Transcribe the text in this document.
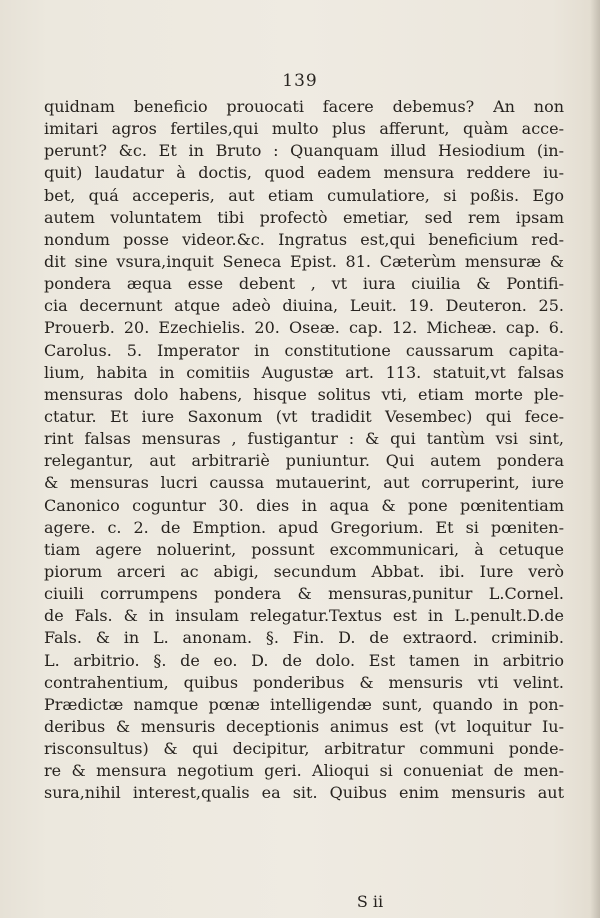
139
quidnam beneficio prouocati facere debemus? An non
imitari agros fertiles,qui multo plus afferunt, quàm acce-
perunt? &c. Et in Bruto : Quanquam illud Hesiodium (in-
quit) laudatur à doctis, quod eadem mensura reddere iu-
bet, quá acceperis, aut etiam cumulatiore, si poßis. Ego
autem voluntatem tibi profectò emetiar, sed rem ipsam
nondum posse videor.&c. Ingratus est,qui beneficium red-
dit sine vsura,inquit Seneca Epist. 81. Cæterùm mensuræ &
pondera æqua esse debent , vt iura ciuilia & Pontifi-
cia decernunt atque adeò diuina, Leuit. 19. Deuteron. 25.
Prouerb. 20. Ezechielis. 20. Oseæ. cap. 12. Micheæ. cap. 6.
Carolus. 5. Imperator in constitutione caussarum capita-
lium, habita in comitiis Augustæ art. 113. statuit,vt falsas
mensuras dolo habens, hisque solitus vti, etiam morte ple-
ctatur. Et iure Saxonum (vt tradidit Vesembec) qui fece-
rint falsas mensuras , fustigantur : & qui tantùm vsi sint,
relegantur, aut arbitrariè puniuntur. Qui autem pondera
& mensuras lucri caussa mutauerint, aut corruperint, iure
Canonico coguntur 30. dies in aqua & pone pœnitentiam
agere. c. 2. de Emption. apud Gregorium. Et si pœniten-
tiam agere noluerint, possunt excommunicari, à cetuque
piorum arceri ac abigi, secundum Abbat. ibi. Iure verò
ciuili corrumpens pondera & mensuras,punitur L.Cornel.
de Fals. & in insulam relegatur.Textus est in L.penult.D.de
Fals. & in L. anonam. §. Fin. D. de extraord. criminib.
L. arbitrio. §. de eo. D. de dolo. Est tamen in arbitrio
contrahentium, quibus ponderibus & mensuris vti velint.
Prædictæ namque pœnæ intelligendæ sunt, quando in pon-
deribus & mensuris deceptionis animus est (vt loquitur Iu-
risconsultus) & qui decipitur, arbitratur communi ponde-
re & mensura negotium geri. Alioqui si conueniat de men-
sura,nihil interest,qualis ea sit. Quibus enim mensuris aut
S ii
